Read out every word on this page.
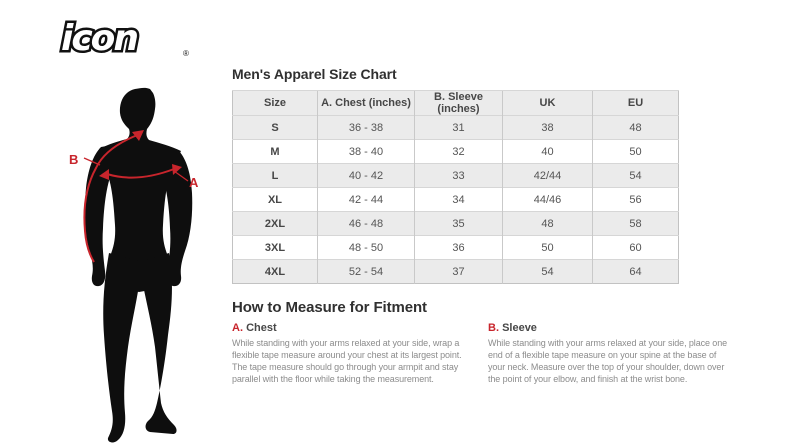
icon	®
A
B
Men's Apparel Size Chart
Size	A. Chest (inches)	B. Sleeve (inches)	UK	EU
S	36 - 38	31	38	48
M	38 - 40	32	40	50
L	40 - 42	33	42/44	54
XL	42 - 44	34	44/46	56
2XL	46 - 48	35	48	58
3XL	48 - 50	36	50	60
4XL	52 - 54	37	54	64
How to Measure for Fitment
A. Chest
While standing with your arms relaxed at your side, wrap a flexible tape measure around your chest at its largest point. The tape measure should go through your armpit and stay parallel with the floor while taking the measurement.
B. Sleeve
While standing with your arms relaxed at your side, place one end of a flexible tape measure on your spine at the base of your neck. Measure over the top of your shoulder, down over the point of your elbow, and finish at the wrist bone.
